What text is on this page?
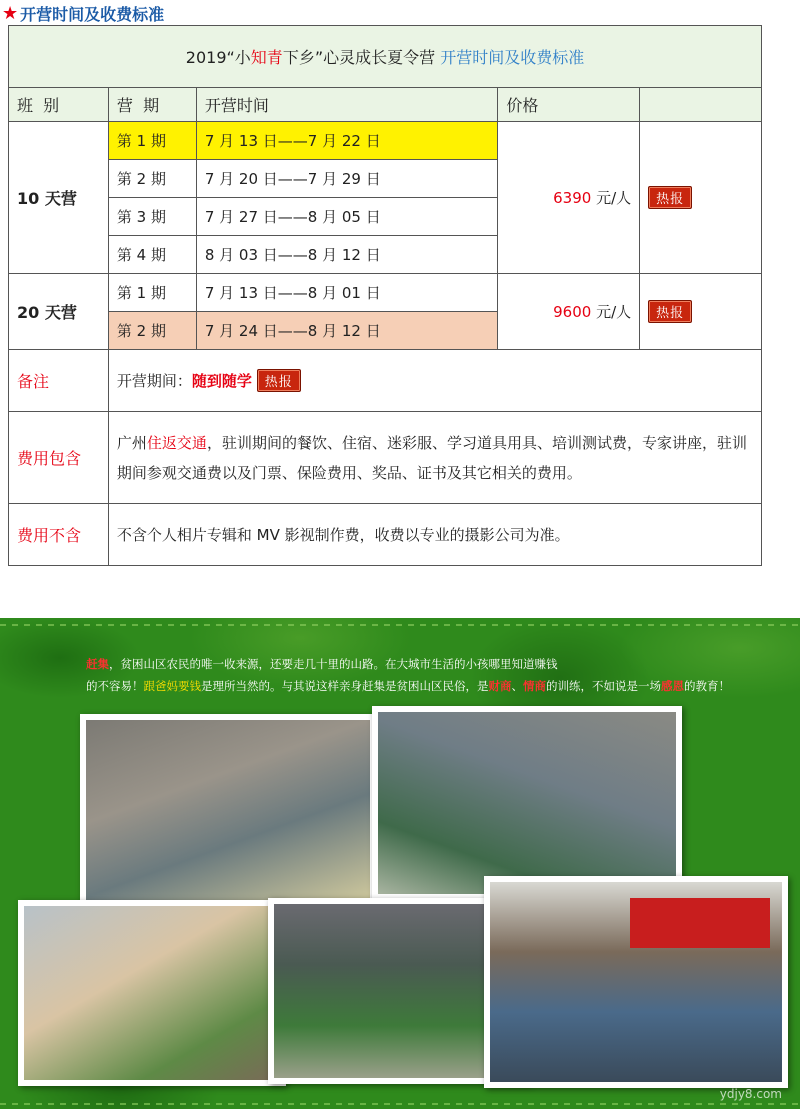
★ 开营时间及收费标准
2019“小知青下乡”心灵成长夏令营 开营时间及收费标准				
班  别	营  期	开营时间	价格	
10 天营	第 1 期	7 月 13 日——7 月 22 日	6390 元/人	热报
	第 2 期	7 月 20 日——7 月 29 日		
	第 3 期	7 月 27 日——8 月 05 日		
	第 4 期	8 月 03 日——8 月 12 日		
20 天营	第 1 期	7 月 13 日——8 月 01 日	9600 元/人	热报
	第 2 期	7 月 24 日——8 月 12 日		
备注	开营期间：随到随学 热报			
费用包含	广州住返交通，驻训期间的餐饮、住宿、迷彩服、学习道具用具、培训测试费，专家讲座，驻训期间参观交通费以及门票、保险费用、奖品、证书及其它相关的费用。			
费用不含	不含个人相片专辑和 MV 影视制作费，收费以专业的摄影公司为准。			
赶集，贫困山区农民的唯一收来源，还要走几十里的山路。在大城市生活的小孩哪里知道赚钱
的不容易！跟爸妈要钱是理所当然的。与其说这样亲身赶集是贫困山区民俗，是财商、情商的训练，不如说是一场感恩的教育！
ydjy8.com
